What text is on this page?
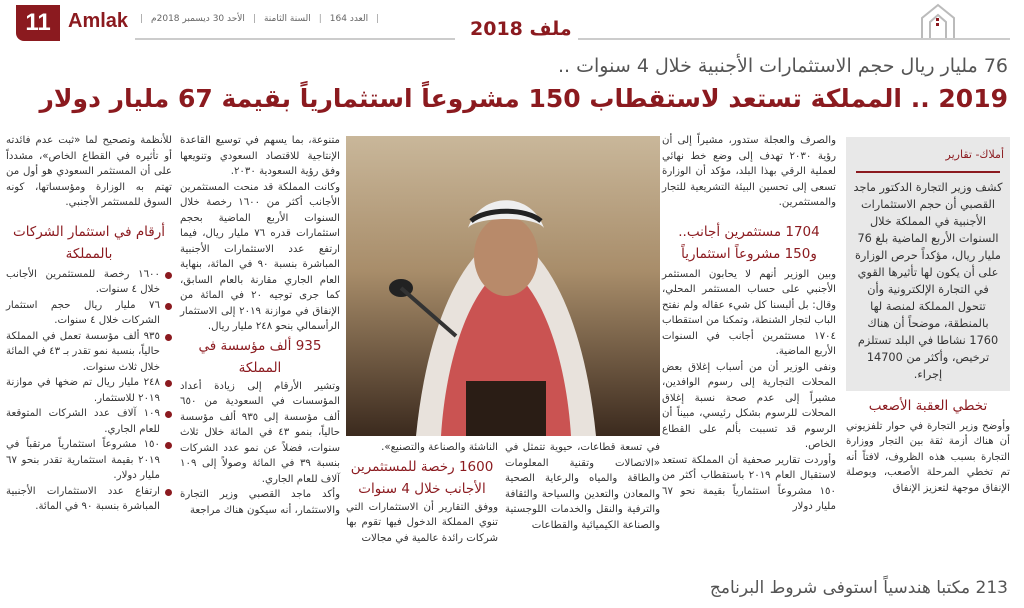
11 Amlak	|
العدد 164
|
السنة الثامنة
|
الأحد 30 ديسمبر 2018م
|	ملف 2018
76 مليار ريال حجم الاستثمارات الأجنبية خلال 4 سنوات ..
2019 .. المملكة تستعد لاستقطاب 150 مشروعاً استثمارياً بقيمة 67 مليار دولار
أملاك- تقارير
كشف وزير التجارة الدكتور ماجد القصبي أن حجم الاستثمارات الأجنبية في المملكة خلال السنوات الأربع الماضية بلغ 76 مليار ريال، مؤكداً حرص الوزارة على أن يكون لها تأثيرها القوي في التجارة الإلكترونية وأن تتحول المملكة لمنصة لها بالمنطقة، موضحاً أن هناك 1760 نشاطا في البلد تستلزم ترخيص، وأكثر من 14700 إجراء.
تخطي العقبة الأصعب

وأوضح وزير التجارة في حوار تلفزيوني أن هناك أزمة ثقة بين التجار ووزارة التجارة بسبب هذه الظروف، لافتاً أنه تم تخطي المرحلة الأصعب، وبوصلة الإنفاق موجهة لتعزيز الإنفاق

والصرف والعجلة ستدور، مشيراً إلى أن رؤية ٢٠٣٠ تهدف إلى وضع خط نهائي لعملية الرقي بهذا البلد، مؤكد أن الوزارة تسعى إلى تحسين البيئة التشريعية للتجار والمستثمرين.

1704 مستثمرين أجانب.. و150 مشروعاً استثمارياً

وبين الوزير أنهم لا يحابون المستثمر الأجنبي على حساب المستثمر المحلي، وقال: بل ألبسنا كل شيء عقاله ولم نفتح الباب لتجار الشنطة، وتمكنا من استقطاب ١٧٠٤ مستثمرين أجانب في السنوات الأربع الماضية.

ونفى الوزير أن من أسباب إغلاق بعض المحلات التجارية إلى رسوم الوافدين، مشيراً إلى عدم صحة نسبة إغلاق المحلات للرسوم بشكل رئيسي، مبيناً أن الرسوم قد تسببت بألم على القطاع الخاص.

وأوردت تقارير صحفية أن المملكة تستعد لاستقبال العام ٢٠١٩ باستقطاب أكثر من ١٥٠ مشروعاً استثمارياً بقيمة نحو ٦٧ مليار دولار

في تسعة قطاعات، حيوية تتمثل في «الاتصالات وتقنية المعلومات والطاقة والمياه والرعاية الصحية والمعادن والتعدين والسياحة والثقافة والترفية والنقل والخدمات اللوجستية والصناعة الكيميائية والقطاعات

الناشئة والصناعة والتصنيع».

1600 رخصة للمستثمرين الأجانب خلال 4 سنوات

ووفق التقارير أن الاستثمارات التي تنوي المملكة الدخول فيها تقوم بها شركات رائدة عالمية في مجالات

متنوعة، بما يسهم في توسيع القاعدة الإنتاجية للاقتصاد السعودي وتنويعها وفق رؤية السعودية ٢٠٣٠.

وكانت المملكة قد منحت المستثمرين الأجانب أكثر من ١٦٠٠ رخصة خلال السنوات الأربع الماضية بحجم استثمارات قدره ٧٦ مليار ريال، فيما ارتفع عدد الاستثمارات الأجنبية المباشرة بنسبة ٩٠ في المائة، بنهاية العام الجاري مقارنة بالعام السابق، كما جرى توجيه ٢٠ في المائة من الإنفاق في موازنة ٢٠١٩ إلى الاستثمار الرأسمالي بنحو ٢٤٨ مليار ريال.

935 ألف مؤسسة في المملكة

وتشير الأرقام إلى زيادة أعداد المؤسسات في السعودية من ٦٥٠ ألف مؤسسة إلى ٩٣٥ ألف مؤسسة حالياً، بنمو ٤٣ في المائة خلال ثلاث سنوات، فضلاً عن نمو عدد الشركات بنسبة ٣٩ في المائة وصولاً إلى ١٠٩ آلاف للعام الجاري.

وأكد ماجد القصبي وزير التجارة والاستثمار، أنه سيكون هناك مراجعة

للأنظمة وتصحيح لما «ثبت عدم فائدته أو تأثيره في القطاع الخاص»، مشدداً على أن المستثمر السعودي هو أول من تهتم به الوزارة ومؤسساتها، كونه السوق للمستثمر الأجنبي.

أرقام في استثمار الشركات بالمملكة
١٦٠٠ رخصة للمستثمرين الأجانب خلال ٤ سنوات.
٧٦ مليار ريال حجم استثمار الشركات خلال ٤ سنوات.
٩٣٥ ألف مؤسسة تعمل في المملكة حالياً، بنسبة نمو تقدر بـ ٤٣ في المائة خلال ثلاث سنوات.
٢٤٨ مليار ريال تم ضخها في موازنة ٢٠١٩ للاستثمار.
١٠٩ آلاف عدد الشركات المتوقعة للعام الجاري.
١٥٠ مشروعاً استثمارياً مرتقباً في ٢٠١٩ بقيمة استثمارية تقدر بنحو ٦٧ مليار دولار.
ارتفاع عدد الاستثمارات الأجنبية المباشرة بنسبة ٩٠ في المائة.
213 مكتبا هندسياً استوفى شروط البرنامج
